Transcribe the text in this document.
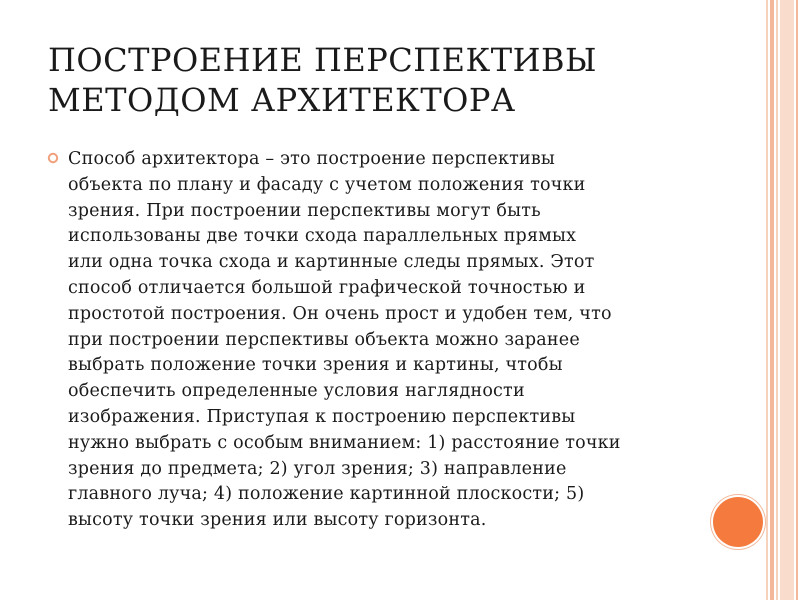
ПОСТРОЕНИЕ ПЕРСПЕКТИВЫ
МЕТОДОМ АРХИТЕКТОРА
Способ архитектора – это построение перспективы
объекта по плану и фасаду с учетом положения точки
зрения. При построении перспективы могут быть
использованы две точки схода параллельных прямых
или одна точка схода и картинные следы прямых. Этот
способ отличается большой графической точностью и
простотой построения. Он очень прост и удобен тем, что
при построении перспективы объекта можно заранее
выбрать положение точки зрения и картины, чтобы
обеспечить определенные условия наглядности
изображения. Приступая к построению перспективы
нужно выбрать с особым вниманием: 1) расстояние точки
зрения до предмета; 2) угол зрения; 3) направление
главного луча; 4) положение картинной плоскости; 5)
высоту точки зрения или высоту горизонта.
